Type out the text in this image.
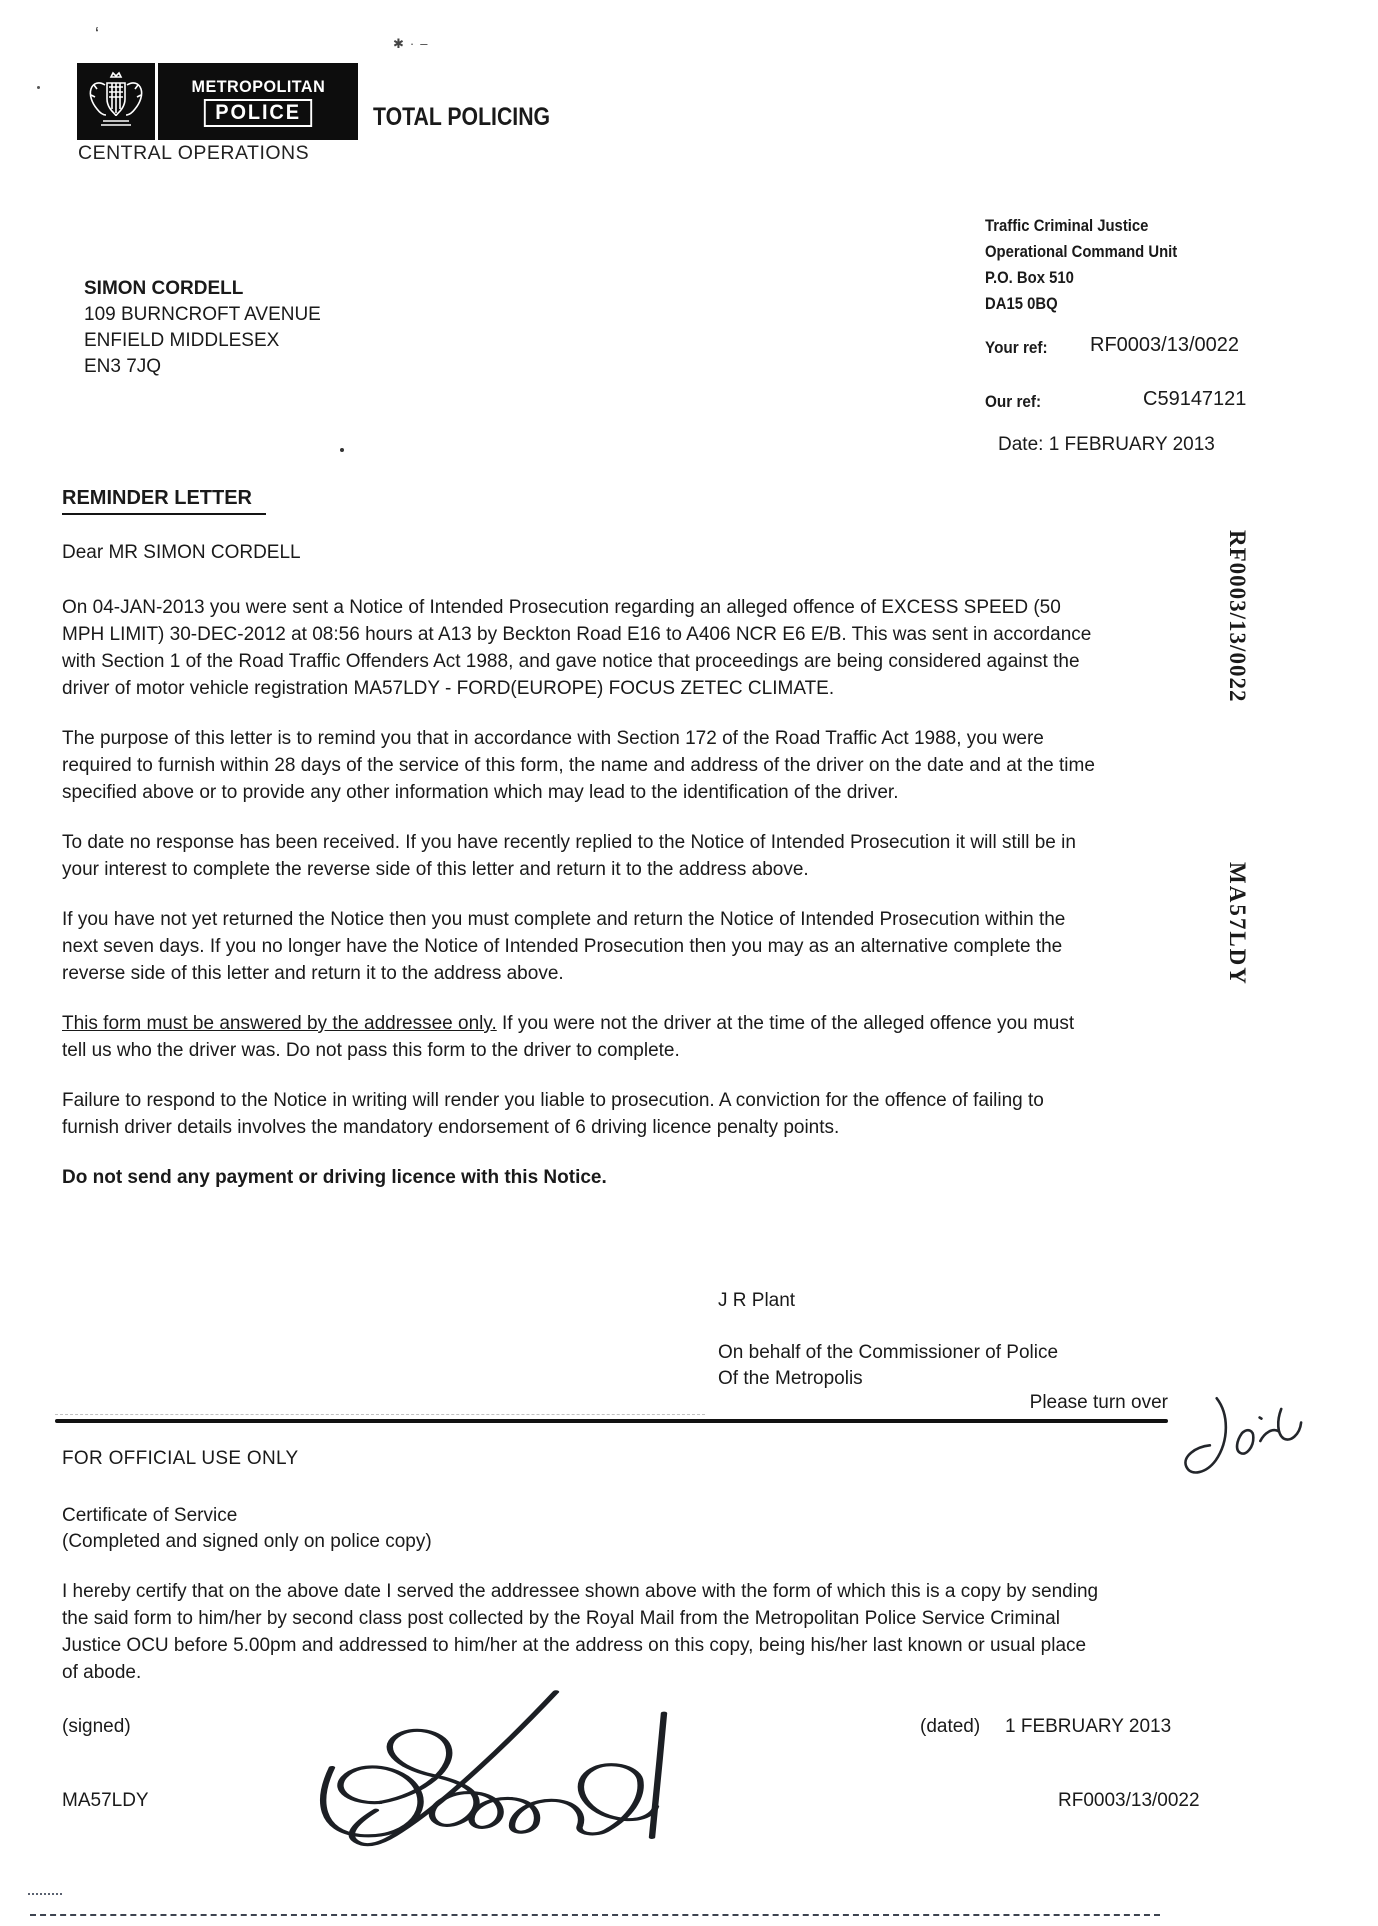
‘	✱·–
METROPOLITAN
POLICE	TOTAL POLICING
CENTRAL OPERATIONS
SIMON CORDELL
109 BURNCROFT AVENUE
ENFIELD MIDDLESEX
EN3 7JQ
Traffic Criminal Justice
Operational Command Unit
P.O. Box 510
DA15 0BQ
Your ref: RF0003/13/0022
Our ref:	C59147121
Date: 1 FEBRUARY 2013
RF0003/13/0022
MA57LDY
REMINDER LETTER
Dear MR SIMON CORDELL

On 04-JAN-2013 you were sent a Notice of Intended Prosecution regarding an alleged offence of EXCESS SPEED (50 MPH LIMIT) 30-DEC-2012 at 08:56 hours at A13 by Beckton Road E16 to A406 NCR E6 E/B. This was sent in accordance with Section 1 of the Road Traffic Offenders Act 1988, and gave notice that proceedings are being considered against the driver of motor vehicle registration MA57LDY - FORD(EUROPE) FOCUS ZETEC CLIMATE.

The purpose of this letter is to remind you that in accordance with Section 172 of the Road Traffic Act 1988, you were required to furnish within 28 days of the service of this form, the name and address of the driver on the date and at the time specified above or to provide any other information which may lead to the identification of the driver.

To date no response has been received. If you have recently replied to the Notice of Intended Prosecution it will still be in your interest to complete the reverse side of this letter and return it to the address above.

If you have not yet returned the Notice then you must complete and return the Notice of Intended Prosecution within the next seven days. If you no longer have the Notice of Intended Prosecution then you may as an alternative complete the reverse side of this letter and return it to the address above.

This form must be answered by the addressee only. If you were not the driver at the time of the alleged offence you must tell us who the driver was. Do not pass this form to the driver to complete.

Failure to respond to the Notice in writing will render you liable to prosecution. A conviction for the offence of failing to furnish driver details involves the mandatory endorsement of 6 driving licence penalty points.

Do not send any payment or driving licence with this Notice.

J R Plant
On behalf of the Commissioner of Police
Of the Metropolis
Please turn over
FOR OFFICIAL USE ONLY
Certificate of Service
(Completed and signed only on police copy)
I hereby certify that on the above date I served the addressee shown above with the form of which this is a copy by sending the said form to him/her by second class post collected by the Royal Mail from the Metropolitan Police Service Criminal Justice OCU before 5.00pm and addressed to him/her at the address on this copy, being his/her last known or usual place of abode.
(signed)	(dated) 1 FEBRUARY 2013
MA57LDY	RF0003/13/0022
